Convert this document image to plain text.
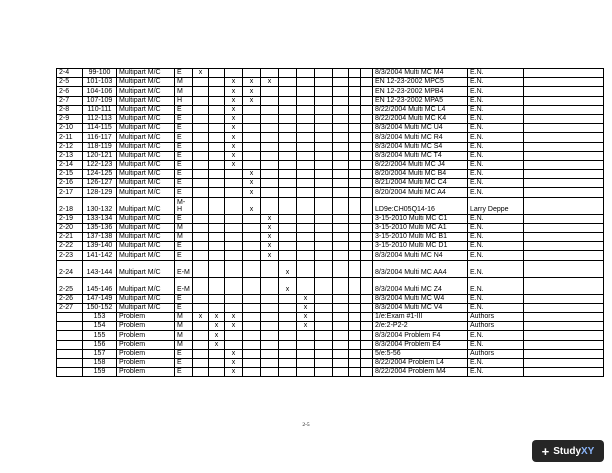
2-4	99-100	Multipart M/C	E	x											8/3/2004 Multi MC M4	E.N.	
2-5	101-103	Multipart M/C	M			x	x	x							EN 12-23-2002 MPC5	E.N.	
2-6	104-106	Multipart M/C	M			x	x								EN 12-23-2002 MPB4	E.N.	
2-7	107-109	Multipart M/C	H			x	x								EN 12-23-2002 MPA5	E.N.	
2-8	110-111	Multipart M/C	E			x									8/22/2004 Multi MC L4	E.N.	
2-9	112-113	Multipart M/C	E			x									8/22/2004 Multi MC K4	E.N.	
2-10	114-115	Multipart M/C	E			x									8/3/2004 Multi MC U4	E.N.	
2-11	116-117	Multipart M/C	E			x									8/3/2004 Multi MC R4	E.N.	
2-12	118-119	Multipart M/C	E			x									8/3/2004 Multi MC S4	E.N.	
2-13	120-121	Multipart M/C	E			x									8/3/2004 Multi MC T4	E.N.	
2-14	122-123	Multipart M/C	E			x									8/22/2004 Multi MC J4	E.N.	
2-15	124-125	Multipart M/C	E				x								8/20/2004 Multi MC B4	E.N.	
2-16	126-127	Multipart M/C	E				x								8/21/2004 Multi MC C4	E.N.	
2-17	128-129	Multipart M/C	E				x								8/20/2004 Multi MC A4	E.N.	
2-18	130-132	Multipart M/C	M-H				x								LD9e:CH05Q14-16	Larry Deppe	
2-19	133-134	Multipart M/C	E					x							3-15-2010 Multi MC C1	E.N.	
2-20	135-136	Multipart M/C	M					x							3-15-2010 Multi MC A1	E.N.	
2-21	137-138	Multipart M/C	M					x							3-15-2010 Multi MC B1	E.N.	
2-22	139-140	Multipart M/C	E					x							3-15-2010 Multi MC D1	E.N.	
2-23	141-142	Multipart M/C	E					x							8/3/2004 Multi MC N4	E.N.	
2-24	143-144	Multipart M/C	E-M						x						8/3/2004 Multi MC AA4	E.N.	
2-25	145-146	Multipart M/C	E-M						x						8/3/2004 Multi MC Z4	E.N.	
2-26	147-149	Multipart M/C	E							x					8/3/2004 Multi MC W4	E.N.	
2-27	150-152	Multipart M/C	E							x					8/3/2004 Multi MC V4	E.N.	
	153	Problem	M	x	x	x				x					1/e:Exam #1-III	Authors	
	154	Problem	M		x	x				x					2/e:2-P2-2	Authors	
	155	Problem	M		x										8/3/2004 Problem F4	E.N.	
	156	Problem	M		x										8/3/2004 Problem E4	E.N.	
	157	Problem	E			x									5/e:5-56	Authors	
	158	Problem	E			x									8/22/2004 Problem L4	E.N.	
	159	Problem	E			x									8/22/2004 Problem M4	E.N.	
2-5
+ Study XY
